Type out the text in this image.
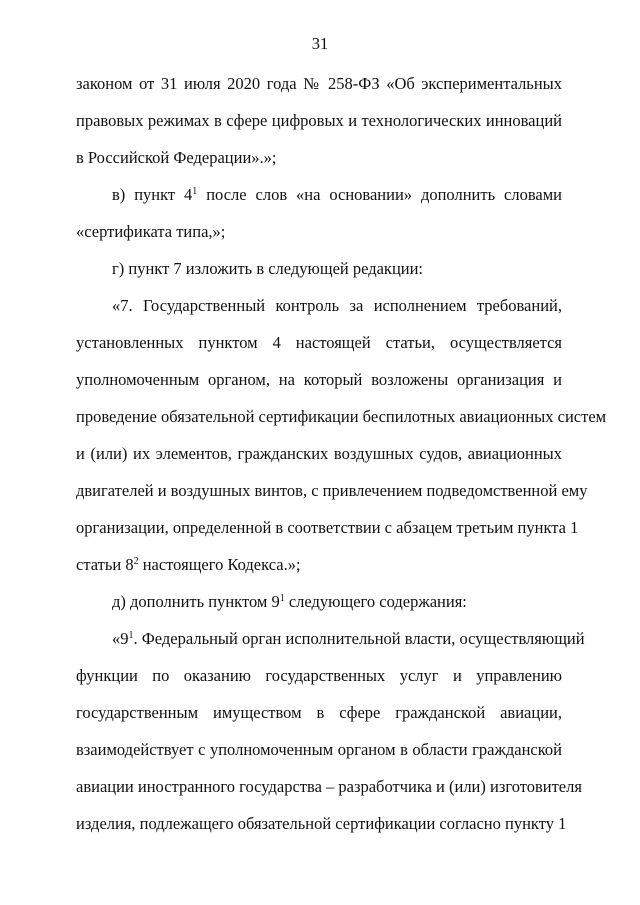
31
законом от 31 июля 2020 года № 258-ФЗ «Об экспериментальных
правовых режимах в сфере цифровых и технологических инноваций
в Российской Федерации».»;
в) пункт $4^1$ после слов «на основании» дополнить словами
«сертификата типа,»;
г) пункт 7 изложить в следующей редакции:
«7. Государственный контроль за исполнением требований,
установленных пунктом 4 настоящей статьи, осуществляется
уполномоченным органом, на который возложены организация и
проведение обязательной сертификации беспилотных авиационных систем
и (или) их элементов, гражданских воздушных судов, авиационных
двигателей и воздушных винтов, с привлечением подведомственной ему
организации, определенной в соответствии с абзацем третьим пункта 1
статьи $8^2$ настоящего Кодекса.»;
д) дополнить пунктом $9^1$ следующего содержания:
«$9^1$. Федеральный орган исполнительной власти, осуществляющий
функции по оказанию государственных услуг и управлению
государственным имуществом в сфере гражданской авиации,
взаимодействует с уполномоченным органом в области гражданской
авиации иностранного государства – разработчика и (или) изготовителя
изделия, подлежащего обязательной сертификации согласно пункту 1
